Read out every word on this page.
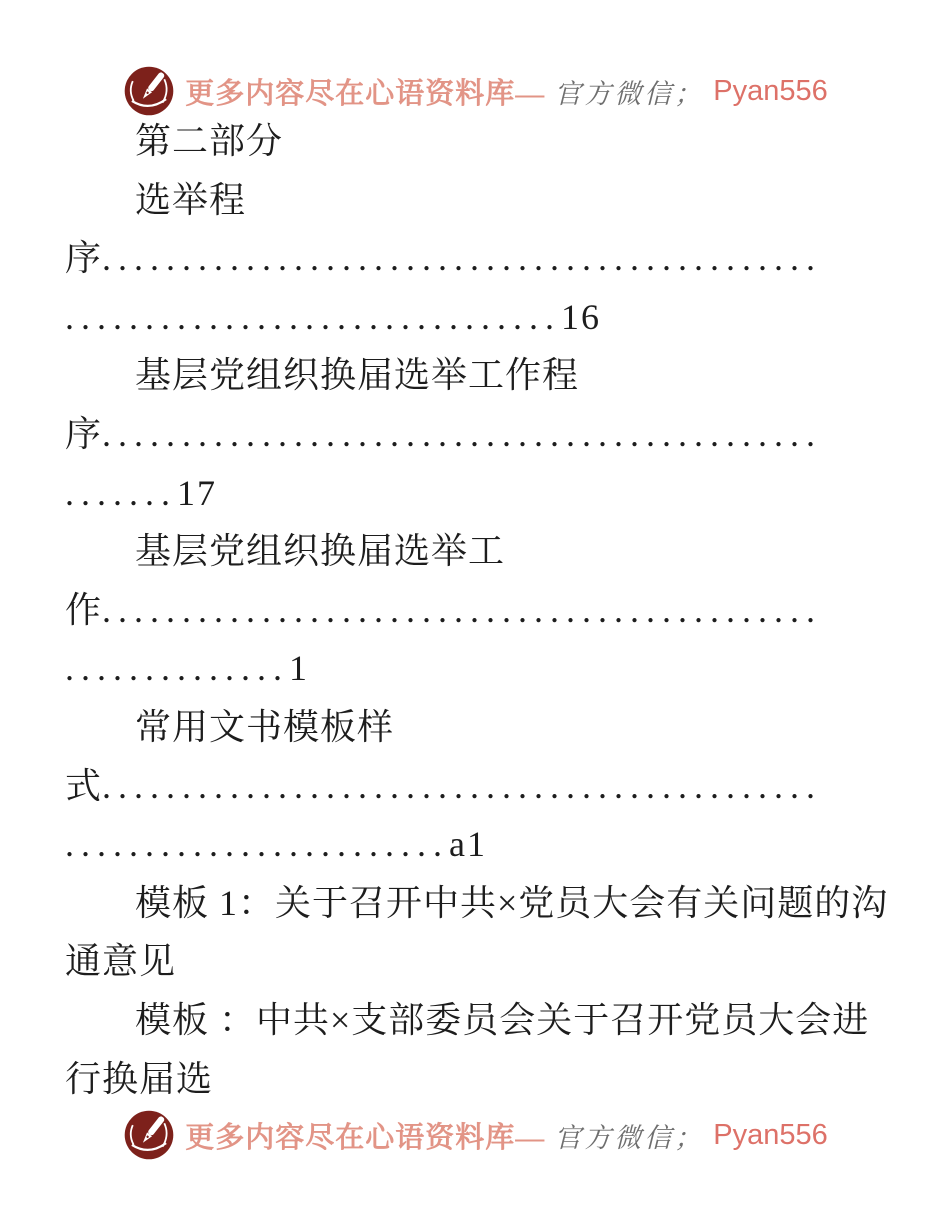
更多内容尽在心语资料库— 官方微信； Pyan556
第二部分
选举程
序.............................................
...............................16
基层党组织换届选举工作程
序.............................................
.......17
基层党组织换届选举工
作.............................................
..............1
常用文书模板样
式.............................................
........................a1
模板 1：关于召开中共×党员大会有关问题的沟
通意见
模板 ：中共×支部委员会关于召开党员大会进
行换届选
更多内容尽在心语资料库— 官方微信； Pyan556
